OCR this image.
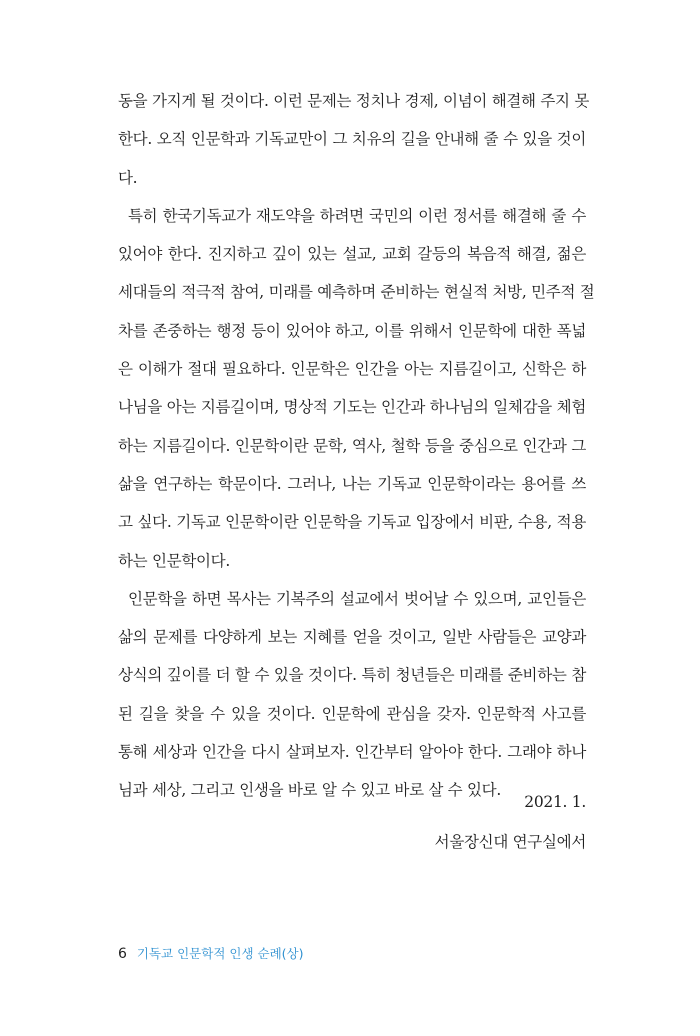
동을 가지게 될 것이다. 이런 문제는 정치나 경제, 이념이 해결해 주지 못
한다. 오직 인문학과 기독교만이 그 치유의 길을 안내해 줄 수 있을 것이
다.
특히 한국기독교가 재도약을 하려면 국민의 이런 정서를 해결해 줄 수
있어야 한다. 진지하고 깊이 있는 설교, 교회 갈등의 복음적 해결, 젊은
세대들의 적극적 참여, 미래를 예측하며 준비하는 현실적 처방, 민주적 절
차를 존중하는 행정 등이 있어야 하고, 이를 위해서 인문학에 대한 폭넓
은 이해가 절대 필요하다. 인문학은 인간을 아는 지름길이고, 신학은 하
나님을 아는 지름길이며, 명상적 기도는 인간과 하나님의 일체감을 체험
하는 지름길이다. 인문학이란 문학, 역사, 철학 등을 중심으로 인간과 그
삶을 연구하는 학문이다. 그러나, 나는 기독교 인문학이라는 용어를 쓰
고 싶다. 기독교 인문학이란 인문학을 기독교 입장에서 비판, 수용, 적용
하는 인문학이다.
인문학을 하면 목사는 기복주의 설교에서 벗어날 수 있으며, 교인들은
삶의 문제를 다양하게 보는 지혜를 얻을 것이고, 일반 사람들은 교양과
상식의 깊이를 더 할 수 있을 것이다. 특히 청년들은 미래를 준비하는 참
된 길을 찾을 수 있을 것이다. 인문학에 관심을 갖자. 인문학적 사고를
통해 세상과 인간을 다시 살펴보자. 인간부터 알아야 한다. 그래야 하나
님과 세상, 그리고 인생을 바로 알 수 있고 바로 살 수 있다.
2021. 1.
서울장신대 연구실에서
6 기독교 인문학적 인생 순례(상)
